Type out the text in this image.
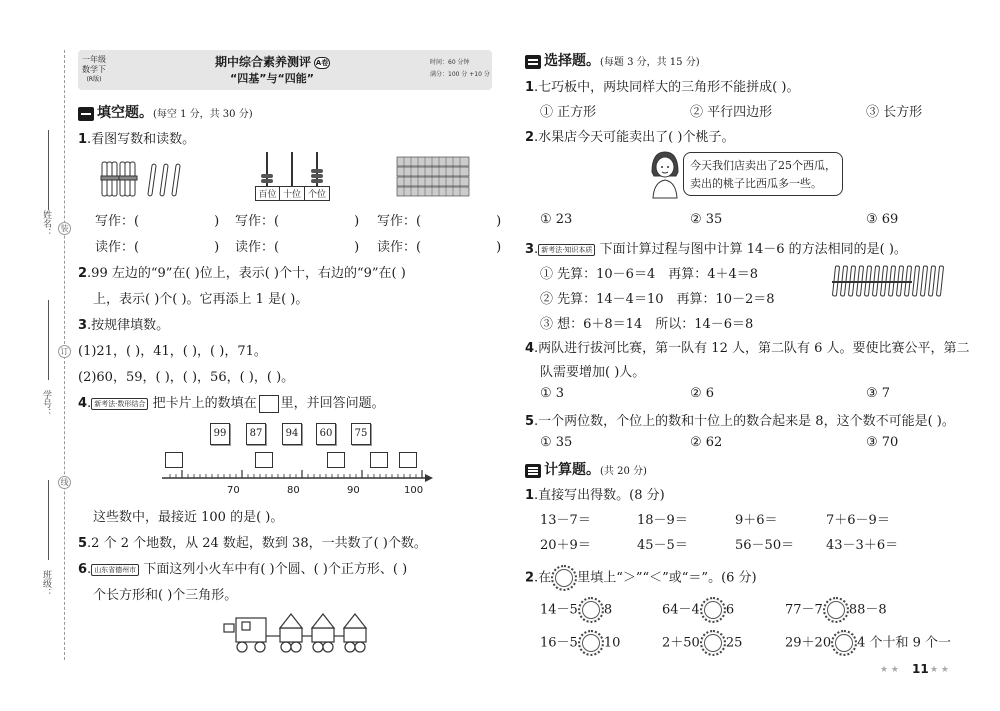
姓名：
学号：
班级：
装
订
线
一年级
数学下
(R版)
期中综合素养测评 A卷
“四基”与“四能”
时间：60 分钟
满分：100 分 +10 分
填空题。(每空 1 分，共 30 分)
1.看图写数和读数。
百位 十位 个位
写作：(	) 写作：(	) 写作：(	)
读作：(	) 读作：(	) 读作：(	)
2.99 左边的“9”在( )位上，表示( )个十，右边的“9”在( )
上，表示( )个( )。它再添上 1 是( )。
3.按规律填数。
(1)21，( )，41，( )，( )，71。
(2)60，59，( )，( )，56，( )，( )。
4. 新考法·数形结合 把卡片上的数填在 里，并回答问题。
99	87	94	60	75
70	80	90	100
这些数中，最接近 100 的是( )。
5.2 个 2 个地数，从 24 数起，数到 38，一共数了( )个数。
6. 山东省德州市 下面这列小火车中有( )个圆、( )个正方形、( )
个长方形和( )个三角形。
选择题。(每题 3 分，共 15 分)
1.七巧板中，两块同样大的三角形不能拼成( )。
① 正方形	② 平行四边形	③ 长方形
2.水果店今天可能卖出了( )个桃子。
今天我们店卖出了25个西瓜，卖出的桃子比西瓜多一些。
① 23	② 35	③ 69
3. 新考法·知识本质 下面计算过程与图中计算 14－6 的方法相同的是( )。
① 先算：10－6＝4　再算：4＋4＝8
② 先算：14－4＝10　再算：10－2＝8
③ 想：6＋8＝14　所以：14－6＝8
4.两队进行拔河比赛，第一队有 12 人，第二队有 6 人。要使比赛公平，第二
队需要增加( )人。
① 3	② 6	③ 7
5.一个两位数，个位上的数和十位上的数合起来是 8，这个数不可能是( )。
① 35	② 62	③ 70
计算题。(共 20 分)
1.直接写出得数。(8 分)
13－7＝	18－9＝	9＋6＝	7＋6－9＝
20＋9＝	45－5＝	56－50＝ 43－3＋6＝
2.在 里填上“＞”“＜”或“＝”。(6 分)
14－5 8	64－4 6	77－7 88－8
16－5 10	2＋50 25	29＋20 4 个十和 9 个一
★ ★ 11 ★ ★
